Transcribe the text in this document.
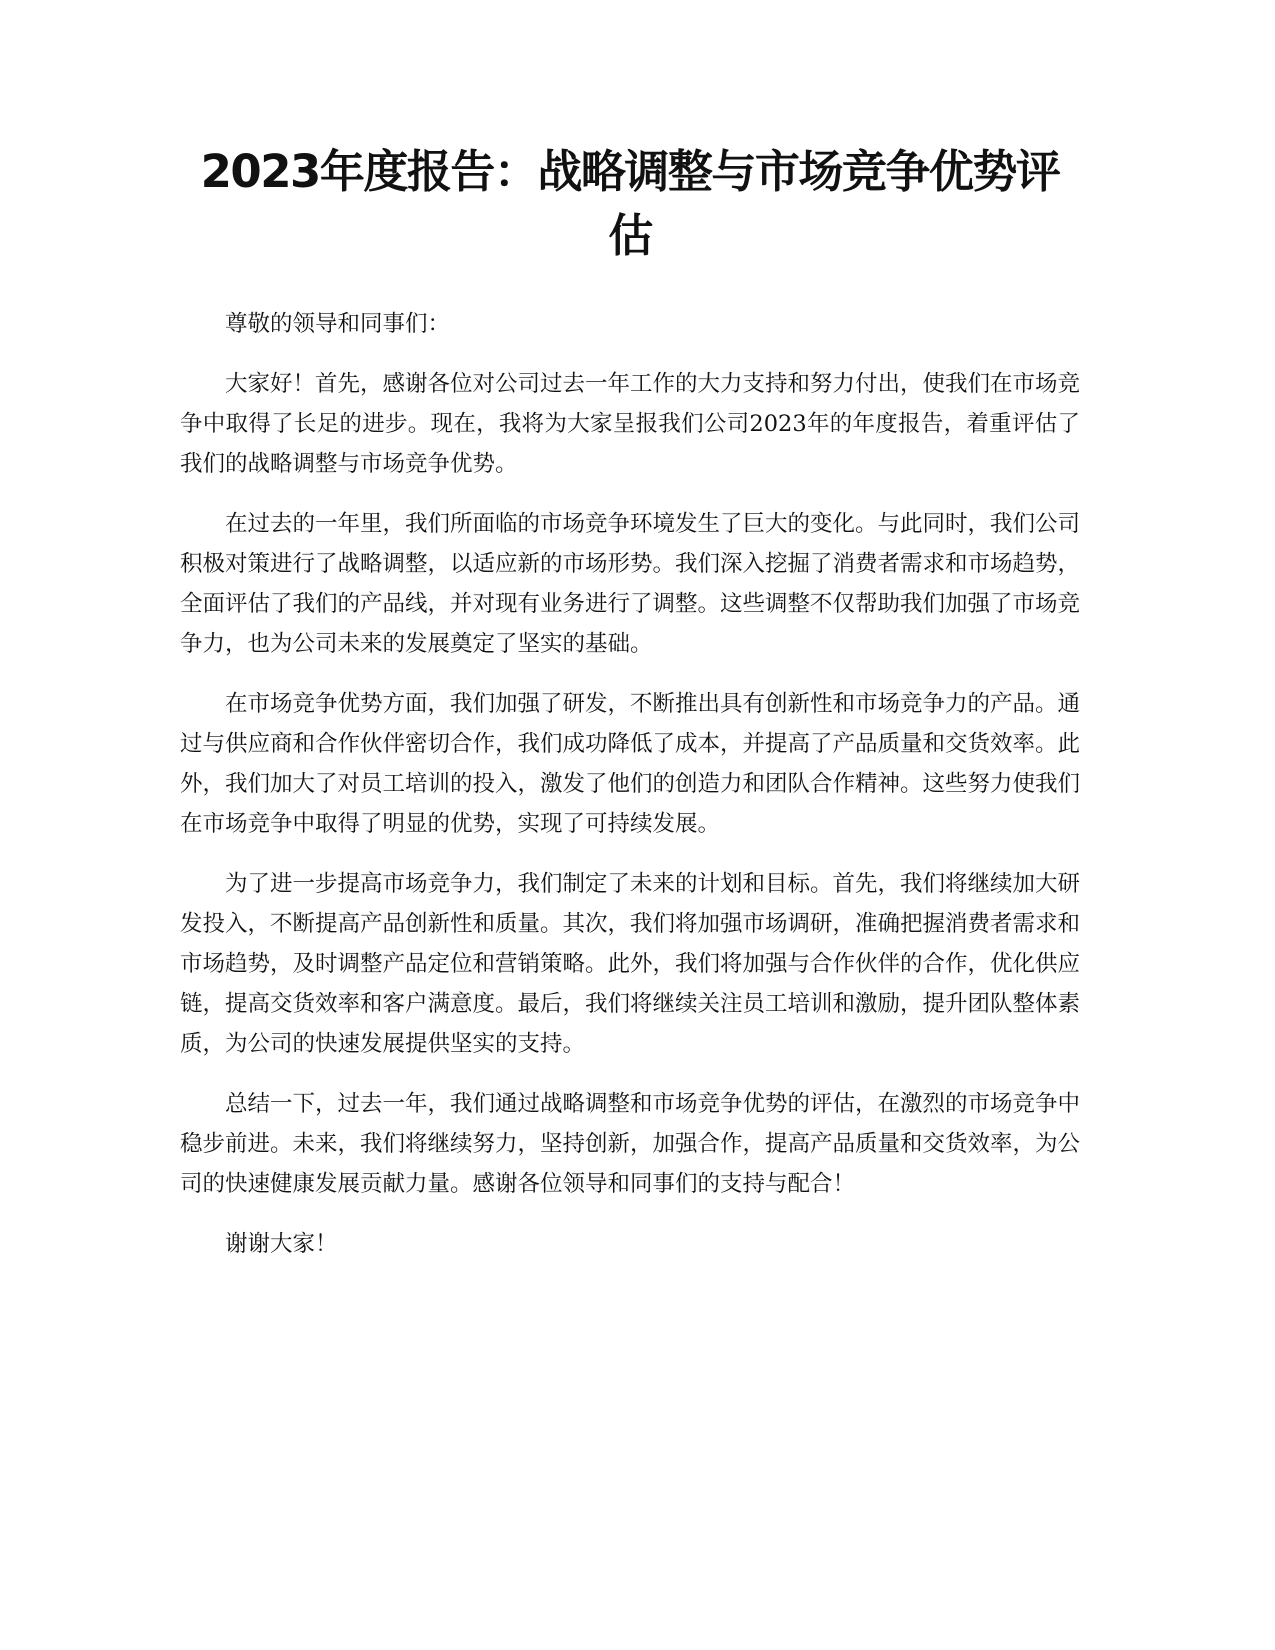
2023年度报告：战略调整与市场竞争优势评估

尊敬的领导和同事们：

大家好！首先，感谢各位对公司过去一年工作的大力支持和努力付出，使我们在市场竞争中取得了长足的进步。现在，我将为大家呈报我们公司2023年的年度报告，着重评估了我们的战略调整与市场竞争优势。

在过去的一年里，我们所面临的市场竞争环境发生了巨大的变化。与此同时，我们公司积极对策进行了战略调整，以适应新的市场形势。我们深入挖掘了消费者需求和市场趋势，全面评估了我们的产品线，并对现有业务进行了调整。这些调整不仅帮助我们加强了市场竞争力，也为公司未来的发展奠定了坚实的基础。

在市场竞争优势方面，我们加强了研发，不断推出具有创新性和市场竞争力的产品。通过与供应商和合作伙伴密切合作，我们成功降低了成本，并提高了产品质量和交货效率。此外，我们加大了对员工培训的投入，激发了他们的创造力和团队合作精神。这些努力使我们在市场竞争中取得了明显的优势，实现了可持续发展。

为了进一步提高市场竞争力，我们制定了未来的计划和目标。首先，我们将继续加大研发投入，不断提高产品创新性和质量。其次，我们将加强市场调研，准确把握消费者需求和市场趋势，及时调整产品定位和营销策略。此外，我们将加强与合作伙伴的合作，优化供应链，提高交货效率和客户满意度。最后，我们将继续关注员工培训和激励，提升团队整体素质，为公司的快速发展提供坚实的支持。

总结一下，过去一年，我们通过战略调整和市场竞争优势的评估，在激烈的市场竞争中稳步前进。未来，我们将继续努力，坚持创新，加强合作，提高产品质量和交货效率，为公司的快速健康发展贡献力量。感谢各位领导和同事们的支持与配合！

谢谢大家！
